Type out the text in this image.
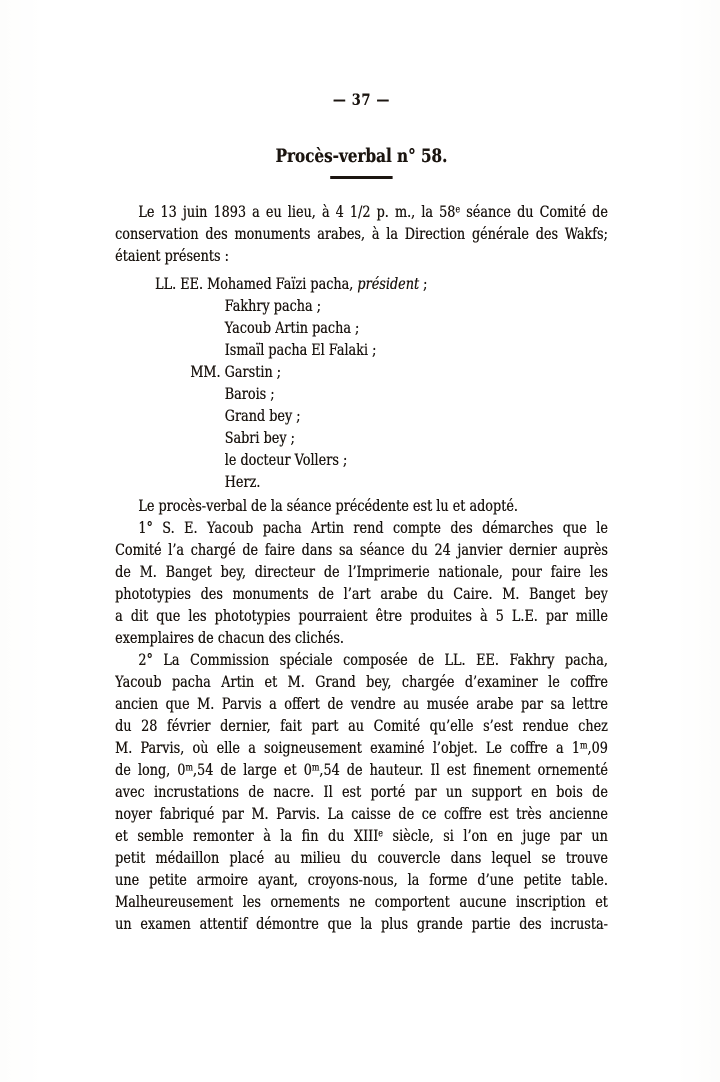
— 37 —
Procès-verbal n° 58.
Le 13 juin 1893 a eu lieu, à 4 1/2 p. m., la 58e séance du Comité de
conservation des monuments arabes, à la Direction générale des Wakfs;
étaient présents :
LL. EE. Mohamed Faïzi pacha, président ;
Fakhry pacha ;
Yacoub Artin pacha ;
Ismaïl pacha El Falaki ;
MM. Garstin ;
Barois ;
Grand bey ;
Sabri bey ;
le docteur Vollers ;
Herz.
Le procès-verbal de la séance précédente est lu et adopté.
1° S. E. Yacoub pacha Artin rend compte des démarches que le
Comité l’a chargé de faire dans sa séance du 24 janvier dernier auprès
de M. Banget bey, directeur de l’Imprimerie nationale, pour faire les
phototypies des monuments de l’art arabe du Caire. M. Banget bey
a dit que les phototypies pourraient être produites à 5 L.E. par mille
exemplaires de chacun des clichés.
2° La Commission spéciale composée de LL. EE. Fakhry pacha,
Yacoub pacha Artin et M. Grand bey, chargée d’examiner le coffre
ancien que M. Parvis a offert de vendre au musée arabe par sa lettre
du 28 février dernier, fait part au Comité qu’elle s’est rendue chez
M. Parvis, où elle a soigneusement examiné l’objet. Le coffre a 1$^m$,09
de long, 0$^m$,54 de large et 0$^m$,54 de hauteur. Il est finement ornementé
avec incrustations de nacre. Il est porté par un support en bois de
noyer fabriqué par M. Parvis. La caisse de ce coffre est très ancienne
et semble remonter à la fin du XIIIe siècle, si l’on en juge par un
petit médaillon placé au milieu du couvercle dans lequel se trouve
une petite armoire ayant, croyons-nous, la forme d’une petite table.
Malheureusement les ornements ne comportent aucune inscription et
un examen attentif démontre que la plus grande partie des incrusta-
